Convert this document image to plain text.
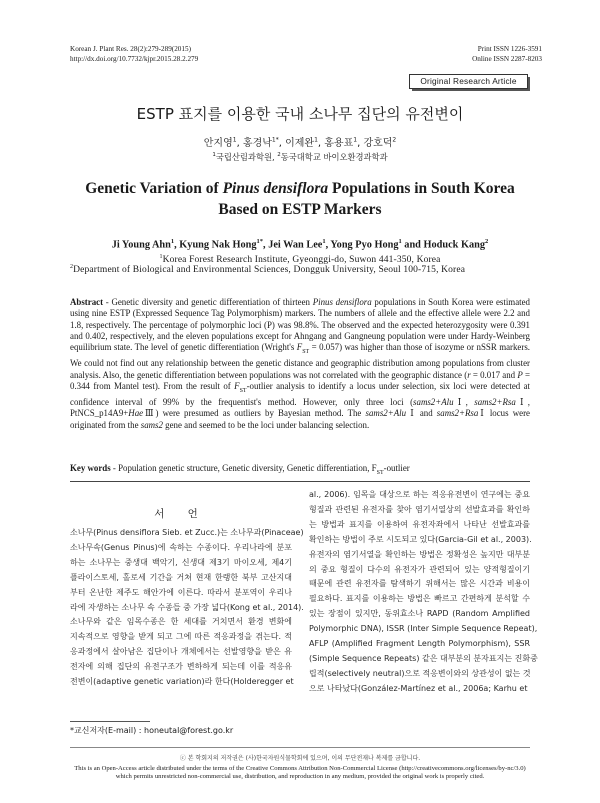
Korean J. Plant Res. 28(2):279-289(2015)
http://dx.doi.org/10.7732/kjpr.2015.28.2.279
Print ISSN 1226-3591
Online ISSN 2287-8203
Original Research Article
ESTP 표지를 이용한 국내 소나무 집단의 유전변이
안지영$^1$, 홍경낙$^{1*}$, 이제완$^1$, 홍용표$^1$, 강호덕$^2$
$^1$국립산림과학원, $^2$동국대학교 바이오환경과학과
Genetic Variation of Pinus densiflora Populations in South Korea
Based on ESTP Markers
Ji Young Ahn$^1$, Kyung Nak Hong$^{1*}$, Jei Wan Lee$^1$, Yong Pyo Hong$^1$ and Hoduck Kang$^2$
$^1$Korea Forest Research Institute, Gyeonggi-do, Suwon 441-350, Korea
$^2$Department of Biological and Environmental Sciences, Dongguk University, Seoul 100-715, Korea
Abstract - Genetic diversity and genetic differentiation of thirteen Pinus densiflora populations in South Korea were estimated using nine ESTP (Expressed Sequence Tag Polymorphism) markers. The numbers of allele and the effective allele were 2.2 and 1.8, respectively. The percentage of polymorphic loci (P) was 98.8%. The observed and the expected heterozygosity were 0.391 and 0.402, respectively, and the eleven populations except for Ahngang and Gangneung population were under Hardy-Weinberg equilibrium state. The level of genetic differentiation (Wright's $F_{ST} = 0.057$) was higher than those of isozyme or nSSR markers. We could not find out any relationship between the genetic distance and geographic distribution among populations from cluster analysis. Also, the genetic differentiation between populations was not correlated with the geographic distance (r = 0.017 and P = 0.344 from Mantel test). From the result of $F_{ST}$-outlier analysis to identify a locus under selection, six loci were detected at confidence interval of 99% by the frequentist's method. However, only three loci (sams2+AluⅠ, sams2+RsaⅠ, PtNCS_p14A9+HaeⅢ) were presumed as outliers by Bayesian method. The sams2+Alu Ⅰ and sams2+RsaⅠ locus were originated from the sams2 gene and seemed to be the loci under balancing selection.
Key words - Population genetic structure, Genetic diversity, Genetic differentiation, $F_{ST}$-outlier
서 언
소나무(Pinus densiflora Sieb. et Zucc.)는 소나무과(Pinaceae)
소나무속(Genus Pinus)에 속하는 수종이다. 우리나라에 분포
하는 소나무는 중생대 백악기, 신생대 제3기 마이오세, 제4기
플라이스토세, 홀로세 기간을 거쳐 현재 한랭한 북부 고산지대
부터 온난한 제주도 해안가에 이른다. 따라서 분포역이 우리나
라에 자생하는 소나무 속 수종들 중 가장 넓다(Kong et al., 2014).
소나무와 같은 임목수종은 한 세대를 거치면서 환경 변화에
지속적으로 영향을 받게 되고 그에 따른 적응과정을 겪는다. 적
응과정에서 살아남은 집단이나 개체에서는 선발영향을 받은 유
전자에 의해 집단의 유전구조가 변하하게 되는데 이를 적응유
전변이(adaptive genetic variation)라 한다(Holderegger et
al., 2006). 임목을 대상으로 하는 적응유전변이 연구에는 중요
형질과 관련된 유전자를 찾아 염기서열상의 선발효과를 확인하
는 방법과 표지를 이용하여 유전자좌에서 나타난 선발효과를
확인하는 방법이 주로 시도되고 있다(Garcia-Gil et al., 2003).
유전자의 염기서열을 확인하는 방법은 정확성은 높지만 대부분
의 중요 형질이 다수의 유전자가 관련되어 있는 양적형질이기
때문에 관련 유전자를 탐색하기 위해서는 많은 시간과 비용이
필요하다. 표지를 이용하는 방법은 빠르고 간편하게 분석할 수
있는 장점이 있지만, 동위효소나 RAPD (Random Amplified
Polymorphic DNA), ISSR (Inter Simple Sequence Repeat),
AFLP (Amplified Fragment Length Polymorphism), SSR
(Simple Sequence Repeats) 같은 대부분의 분자표지는 진화중
립적(selectively neutral)으로 적응변이와의 상관성이 없는 것
으로 나타났다(González-Martínez et al., 2006a; Karhu et
*교신저자(E-mail) : honeutal@forest.go.kr
ⓒ 본 학회지의 저작권은 (사)한국자원식물학회에 있으며, 이의 무단전재나 복제를 금합니다.
This is an Open-Access article distributed under the terms of the Creative Commons Attribution Non-Commercial License (http://creativecommons.org/licenses/by-nc/3.0)
which permits unrestricted non-commercial use, distribution, and reproduction in any medium, provided the original work is properly cited.
